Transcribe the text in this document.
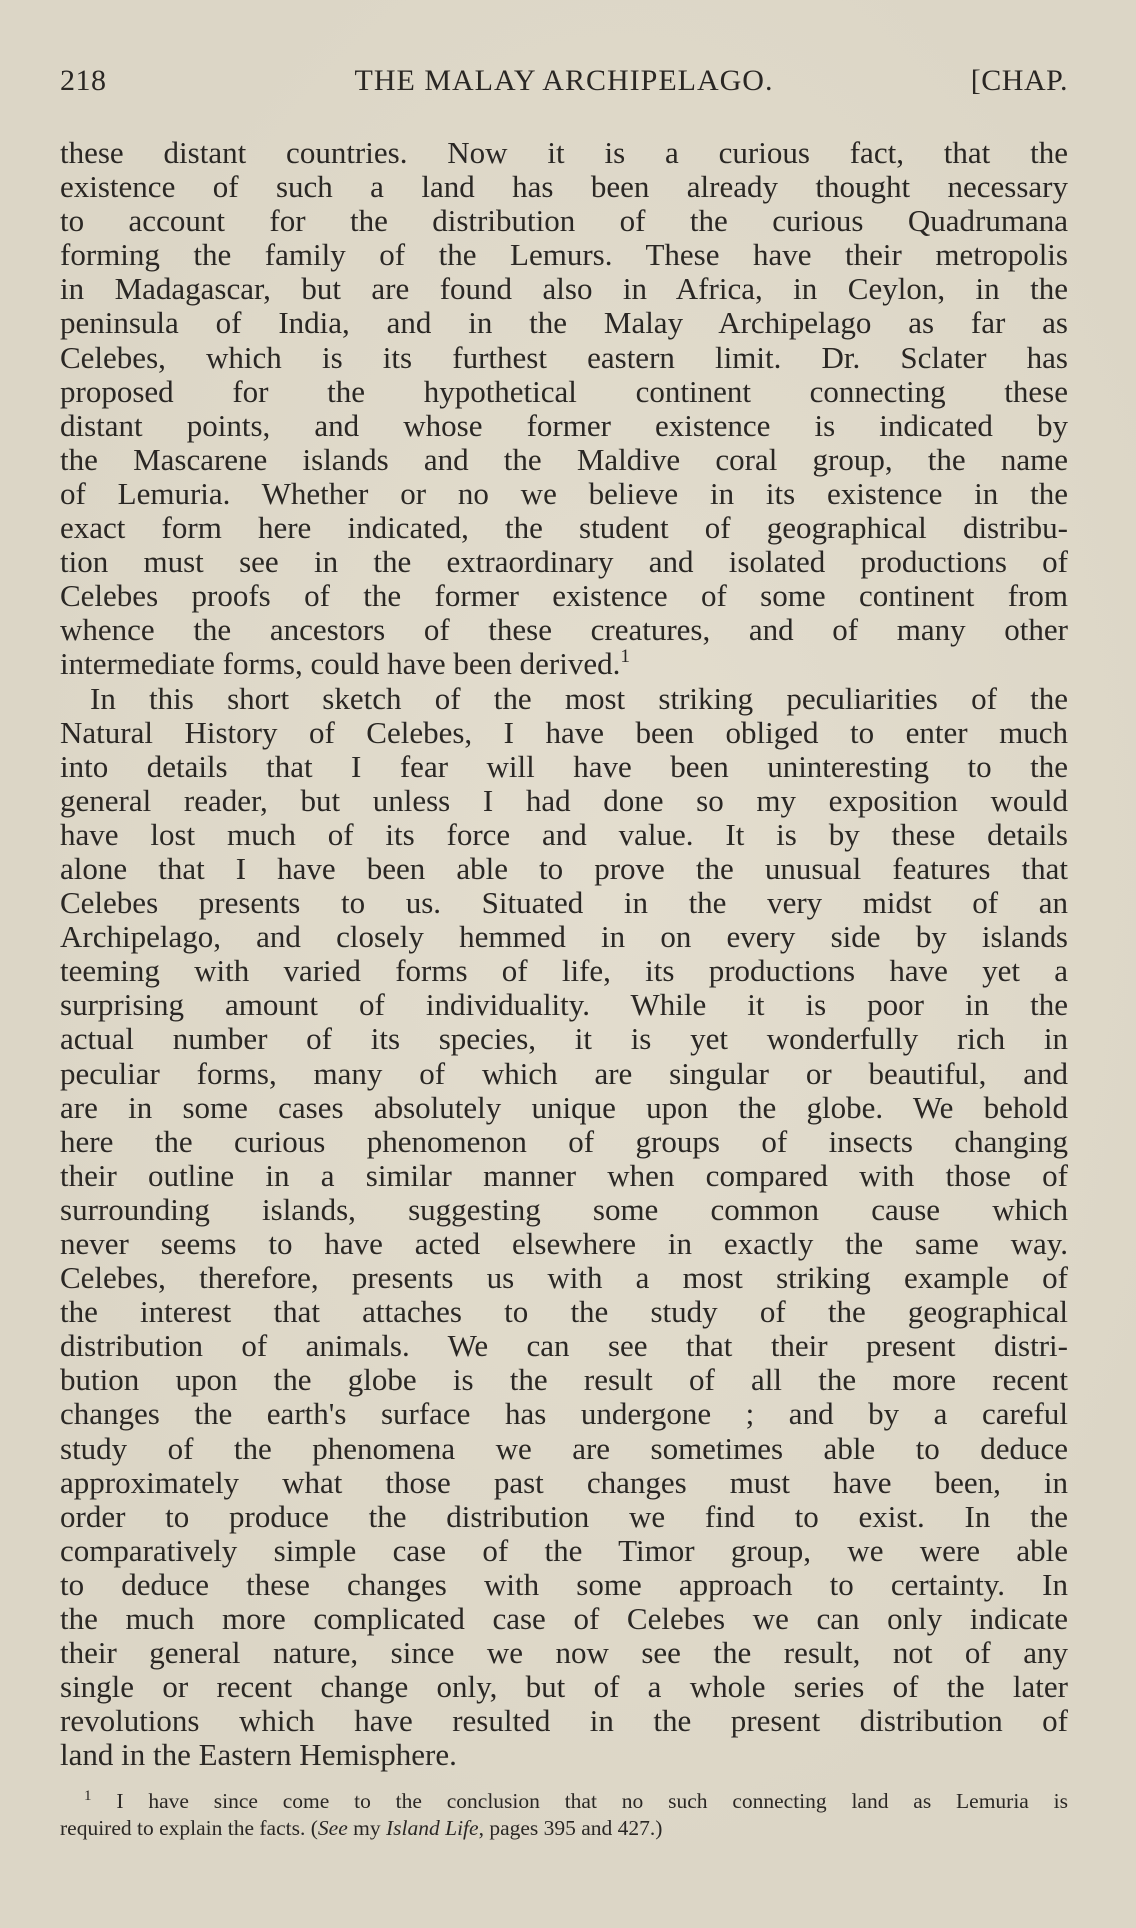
218	THE MALAY ARCHIPELAGO.	[CHAP.
these distant countries. Now it is a curious fact, that the
existence of such a land has been already thought necessary
to account for the distribution of the curious Quadrumana
forming the family of the Lemurs. These have their metropolis
in Madagascar, but are found also in Africa, in Ceylon, in the
peninsula of India, and in the Malay Archipelago as far as
Celebes, which is its furthest eastern limit. Dr. Sclater has
proposed for the hypothetical continent connecting these
distant points, and whose former existence is indicated by
the Mascarene islands and the Maldive coral group, the name
of Lemuria. Whether or no we believe in its existence in the
exact form here indicated, the student of geographical distribu-
tion must see in the extraordinary and isolated productions of
Celebes proofs of the former existence of some continent from
whence the ancestors of these creatures, and of many other
intermediate forms, could have been derived.$^1$
In this short sketch of the most striking peculiarities of the
Natural History of Celebes, I have been obliged to enter much
into details that I fear will have been uninteresting to the
general reader, but unless I had done so my exposition would
have lost much of its force and value. It is by these details
alone that I have been able to prove the unusual features that
Celebes presents to us. Situated in the very midst of an
Archipelago, and closely hemmed in on every side by islands
teeming with varied forms of life, its productions have yet a
surprising amount of individuality. While it is poor in the
actual number of its species, it is yet wonderfully rich in
peculiar forms, many of which are singular or beautiful, and
are in some cases absolutely unique upon the globe. We behold
here the curious phenomenon of groups of insects changing
their outline in a similar manner when compared with those of
surrounding islands, suggesting some common cause which
never seems to have acted elsewhere in exactly the same way.
Celebes, therefore, presents us with a most striking example of
the interest that attaches to the study of the geographical
distribution of animals. We can see that their present distri-
bution upon the globe is the result of all the more recent
changes the earth's surface has undergone ; and by a careful
study of the phenomena we are sometimes able to deduce
approximately what those past changes must have been, in
order to produce the distribution we find to exist. In the
comparatively simple case of the Timor group, we were able
to deduce these changes with some approach to certainty. In
the much more complicated case of Celebes we can only indicate
their general nature, since we now see the result, not of any
single or recent change only, but of a whole series of the later
revolutions which have resulted in the present distribution of
land in the Eastern Hemisphere.
$^1$ I have since come to the conclusion that no such connecting land as Lemuria is
required to explain the facts. (See my Island Life, pages 395 and 427.)
